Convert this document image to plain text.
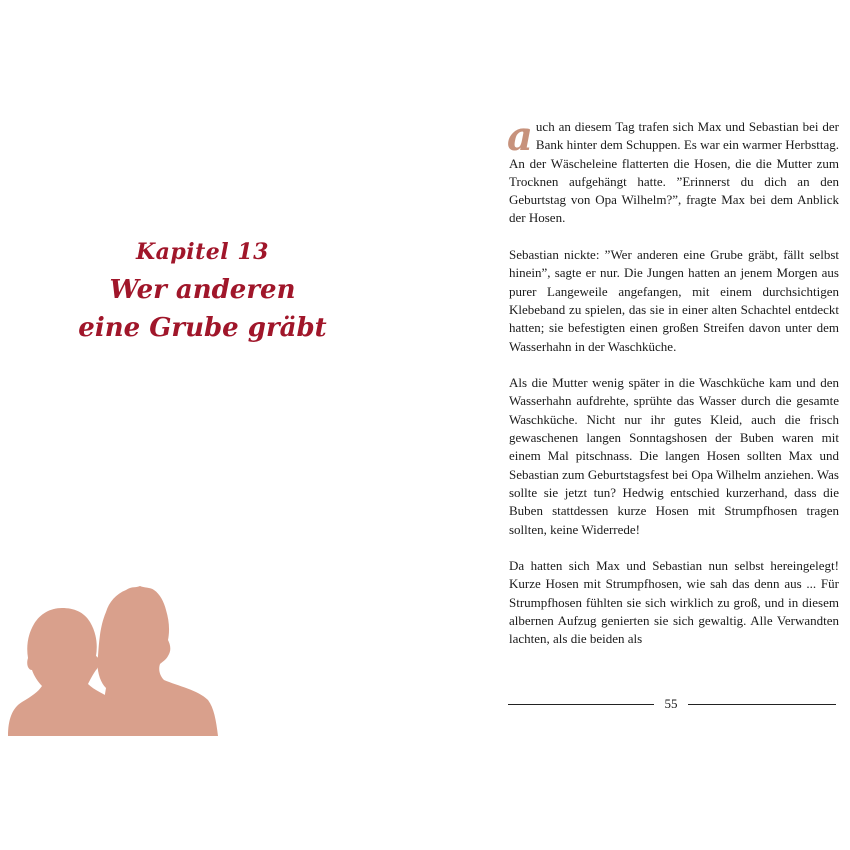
Kapitel 13
Wer anderen
eine Grube gräbt

auch an diesem Tag trafen sich Max und Sebastian bei der Bank hinter dem Schuppen. Es war ein warmer Herbsttag. An der Wäscheleine flatterten die Hosen, die die Mutter zum Trocknen aufgehängt hatte. ”Erinnerst du dich an den Geburtstag von Opa Wilhelm?”, fragte Max bei dem Anblick der Hosen.

Sebastian nickte: ”Wer anderen eine Grube gräbt, fällt selbst hinein”, sagte er nur. Die Jungen hatten an jenem Morgen aus purer Langeweile angefangen, mit einem durchsichtigen Klebeband zu spielen, das sie in einer alten Schachtel entdeckt hatten; sie befestigten einen großen Streifen davon unter dem Wasserhahn in der Waschküche.

Als die Mutter wenig später in die Waschküche kam und den Wasserhahn aufdrehte, sprühte das Wasser durch die gesamte Waschküche. Nicht nur ihr gutes Kleid, auch die frisch gewaschenen langen Sonntagshosen der Buben waren mit einem Mal pitschnass. Die langen Hosen sollten Max und Sebastian zum Geburtstagsfest bei Opa Wilhelm anziehen. Was sollte sie jetzt tun? Hedwig entschied kurzerhand, dass die Buben stattdessen kurze Hosen mit Strumpfhosen tragen sollten, keine Widerrede!

Da hatten sich Max und Sebastian nun selbst hereingelegt! Kurze Hosen mit Strumpfhosen, wie sah das denn aus ... Für Strumpfhosen fühlten sie sich wirklich zu groß, und in diesem albernen Aufzug genierten sie sich gewaltig. Alle Verwandten lachten, als die beiden als

55
